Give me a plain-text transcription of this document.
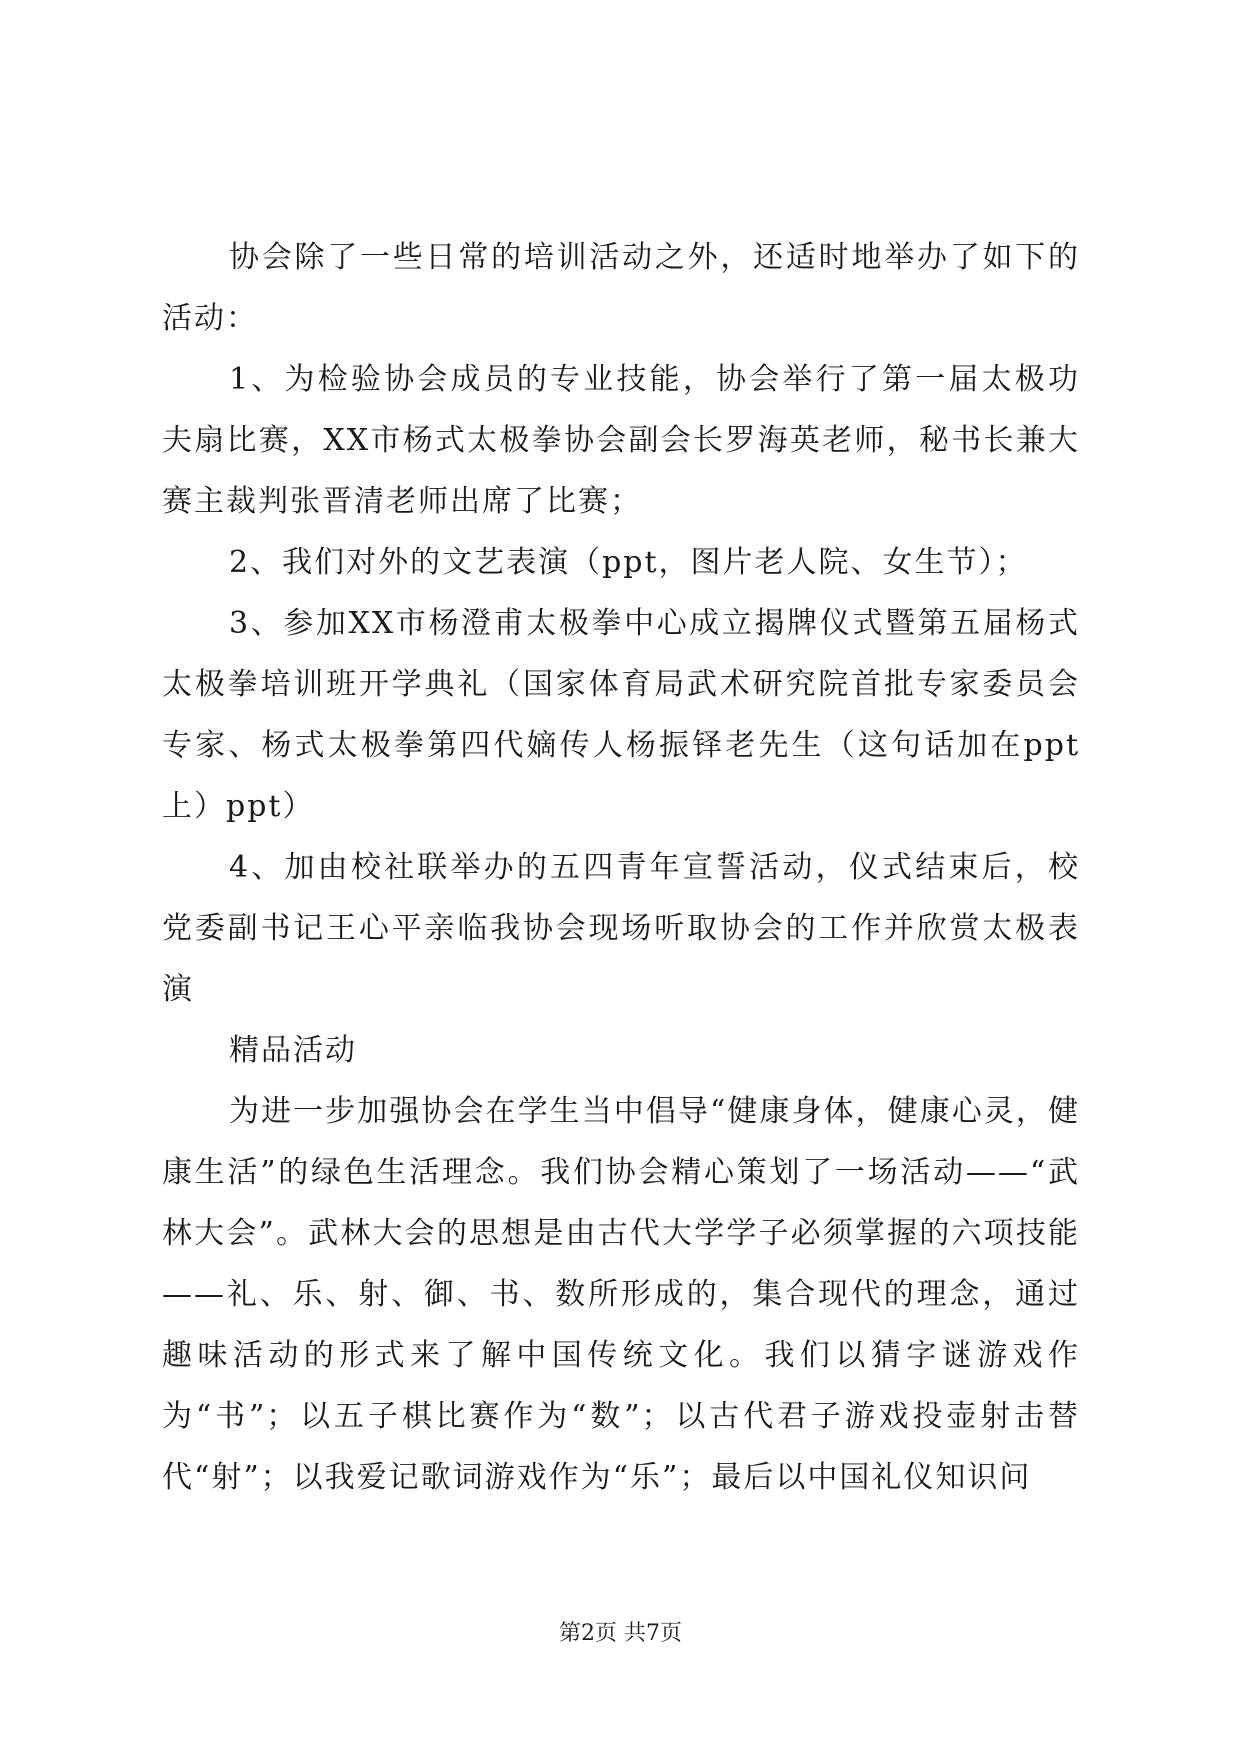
协会除了一些日常的培训活动之外，还适时地举办了如下的活动：

1、为检验协会成员的专业技能，协会举行了第一届太极功夫扇比赛，XX市杨式太极拳协会副会长罗海英老师，秘书长兼大赛主裁判张晋清老师出席了比赛；

2、我们对外的文艺表演（ppt，图片老人院、女生节）；

3、参加XX市杨澄甫太极拳中心成立揭牌仪式暨第五届杨式太极拳培训班开学典礼（国家体育局武术研究院首批专家委员会专家、杨式太极拳第四代嫡传人杨振铎老先生（这句话加在ppt上）ppt）

4、加由校社联举办的五四青年宣誓活动，仪式结束后，校党委副书记王心平亲临我协会现场听取协会的工作并欣赏太极表演

精品活动

为进一步加强协会在学生当中倡导“健康身体，健康心灵，健康生活”的绿色生活理念。我们协会精心策划了一场活动——“武林大会”。武林大会的思想是由古代大学学子必须掌握的六项技能——礼、乐、射、御、书、数所形成的，集合现代的理念，通过趣味活动的形式来了解中国传统文化。我们以猜字谜游戏作为“书”；以五子棋比赛作为“数”；以古代君子游戏投壶射击替代“射”；以我爱记歌词游戏作为“乐”；最后以中国礼仪知识问

第2页 共7页
